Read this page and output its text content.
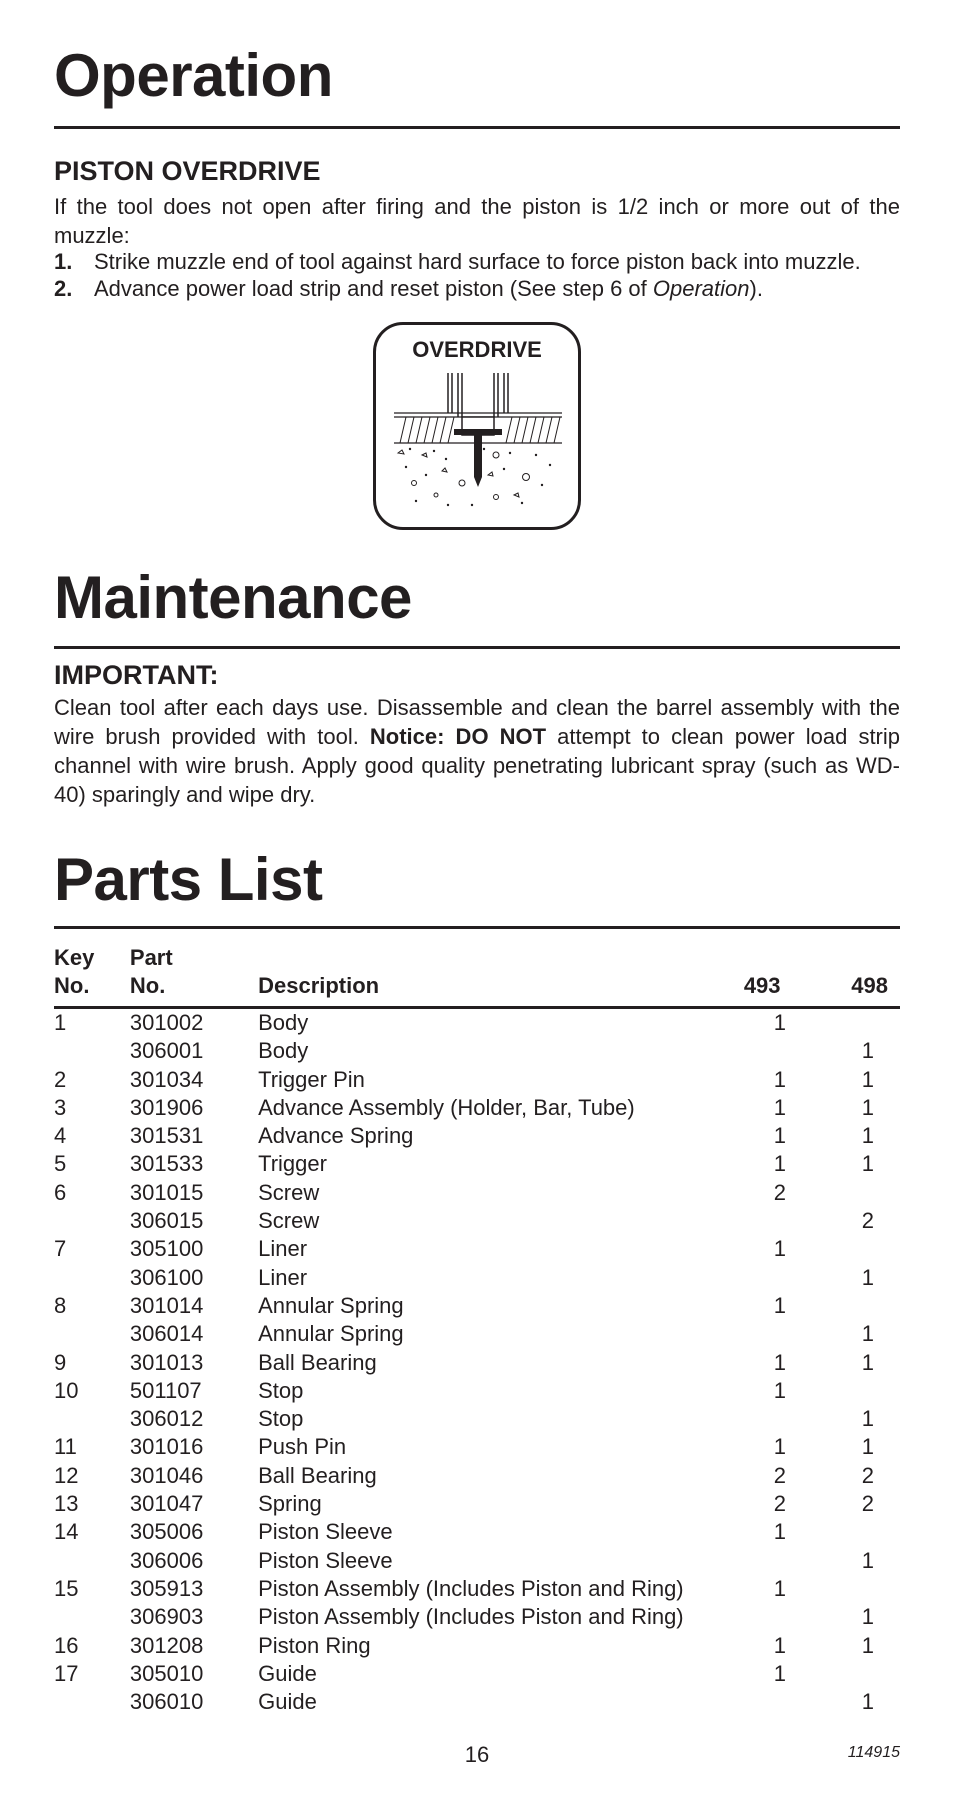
Operation
PISTON OVERDRIVE

If the tool does not open after firing and the piston is 1/2 inch or more out of the muzzle:

1. Strike muzzle end of tool against hard surface to force piston back into muzzle.
2. Advance power load strip and reset piston (See step 6 of Operation).
OVERDRIVE
Maintenance
IMPORTANT:

Clean tool after each days use. Disassemble and clean the barrel assembly with the wire brush provided with tool. Notice: DO NOT attempt to clean power load strip channel with wire brush. Apply good quality penetrating lubricant spray (such as WD-40) sparingly and wipe dry.

Parts List
Key
No.	Part
No.	Description	493	498
1	301002	Body	1	
	306001	Body		1
2	301034	Trigger Pin	1	1
3	301906	Advance Assembly (Holder, Bar, Tube)	1	1
4	301531	Advance Spring	1	1
5	301533	Trigger	1	1
6	301015	Screw	2	
	306015	Screw		2
7	305100	Liner	1	
	306100	Liner		1
8	301014	Annular Spring	1	
	306014	Annular Spring		1
9	301013	Ball Bearing	1	1
10	501107	Stop	1	
	306012	Stop		1
11	301016	Push Pin	1	1
12	301046	Ball Bearing	2	2
13	301047	Spring	2	2
14	305006	Piston Sleeve	1	
	306006	Piston Sleeve		1
15	305913	Piston Assembly (Includes Piston and Ring)	1	
	306903	Piston Assembly (Includes Piston and Ring)		1
16	301208	Piston Ring	1	1
17	305010	Guide	1	
	306010	Guide		1
16	114915
